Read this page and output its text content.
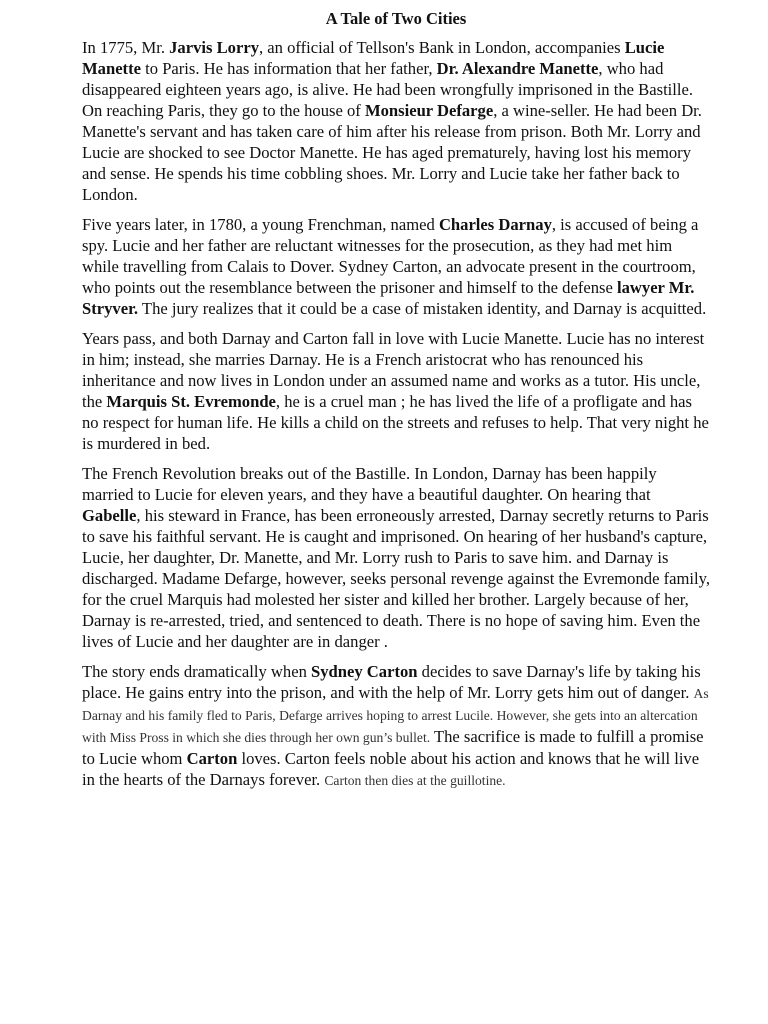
A Tale of Two Cities

In 1775, Mr. Jarvis Lorry, an official of Tellson's Bank in London, accompanies Lucie Manette to Paris. He has information that her father, Dr. Alexandre Manette, who had disappeared eighteen years ago, is alive. He had been wrongfully imprisoned in the Bastille. On reaching Paris, they go to the house of Monsieur Defarge, a wine-seller. He had been Dr. Manette's servant and has taken care of him after his release from prison. Both Mr. Lorry and Lucie are shocked to see Doctor Manette. He has aged prematurely, having lost his memory and sense. He spends his time cobbling shoes. Mr. Lorry and Lucie take her father back to London.

Five years later, in 1780, a young Frenchman, named Charles Darnay, is accused of being a spy. Lucie and her father are reluctant witnesses for the prosecution, as they had met him while travelling from Calais to Dover. Sydney Carton, an advocate present in the courtroom, who points out the resemblance between the prisoner and himself to the defense lawyer Mr. Stryver. The jury realizes that it could be a case of mistaken identity, and Darnay is acquitted.

Years pass, and both Darnay and Carton fall in love with Lucie Manette. Lucie has no interest in him; instead, she marries Darnay. He is a French aristocrat who has renounced his inheritance and now lives in London under an assumed name and works as a tutor. His uncle, the Marquis St. Evremonde, he is a cruel man ; he has lived the life of a profligate and has no respect for human life. He kills a child on the streets and refuses to help. That very night he is murdered in bed.

The French Revolution breaks out of the Bastille. In London, Darnay has been happily married to Lucie for eleven years, and they have a beautiful daughter. On hearing that Gabelle, his steward in France, has been erroneously arrested, Darnay secretly returns to Paris to save his faithful servant. He is caught and imprisoned. On hearing of her husband's capture, Lucie, her daughter, Dr. Manette, and Mr. Lorry rush to Paris to save him. and Darnay is discharged. Madame Defarge, however, seeks personal revenge against the Evremonde family, for the cruel Marquis had molested her sister and killed her brother. Largely because of her, Darnay is re-arrested, tried, and sentenced to death. There is no hope of saving him. Even the lives of Lucie and her daughter are in danger .

The story ends dramatically when Sydney Carton decides to save Darnay's life by taking his place. He gains entry into the prison, and with the help of Mr. Lorry gets him out of danger. As Darnay and his family fled to Paris, Defarge arrives hoping to arrest Lucile. However, she gets into an altercation with Miss Pross in which she dies through her own gun’s bullet. The sacrifice is made to fulfill a promise to Lucie whom Carton loves. Carton feels noble about his action and knows that he will live in the hearts of the Darnays forever. Carton then dies at the guillotine.
